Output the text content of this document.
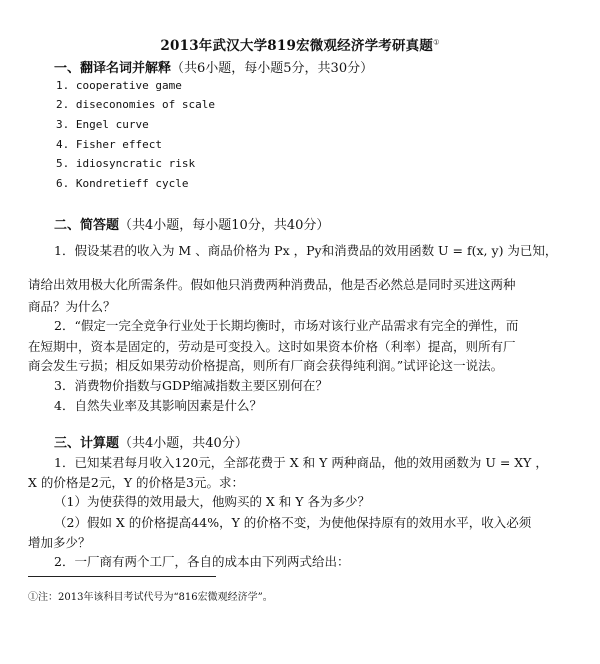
2013年武汉大学819宏微观经济学考研真题①
一、翻译名词并解释（共6小题，每小题5分，共30分）
1. cooperative game
2. diseconomies of scale
3. Engel curve
4. Fisher effect
5. idiosyncratic risk
6. Kondretieff cycle
二、简答题（共4小题，每小题10分，共40分）
1．假设某君的收入为 M 、商品价格为 Px ，Py和消费品的效用函数 U = f(x, y) 为已知，
请给出效用极大化所需条件。假如他只消费两种消费品，他是否必然总是同时买进这两种
商品？为什么？
2．“假定一完全竞争行业处于长期均衡时，市场对该行业产品需求有完全的弹性，而
在短期中，资本是固定的，劳动是可变投入。这时如果资本价格（利率）提高，则所有厂
商会发生亏损；相反如果劳动价格提高，则所有厂商会获得纯利润。”试评论这一说法。
3．消费物价指数与GDP缩减指数主要区别何在？
4．自然失业率及其影响因素是什么？
三、计算题（共4小题，共40分）
1．已知某君每月收入120元，全部花费于 X 和 Y 两种商品，他的效用函数为 U = XY ，
X 的价格是2元，Y 的价格是3元。求：
（1）为使获得的效用最大，他购买的 X 和 Y 各为多少？
（2）假如 X 的价格提高44%，Y 的价格不变，为使他保持原有的效用水平，收入必须
增加多少？
2．一厂商有两个工厂，各自的成本由下列两式给出：
①注：2013年该科目考试代号为“816宏微观经济学”。
